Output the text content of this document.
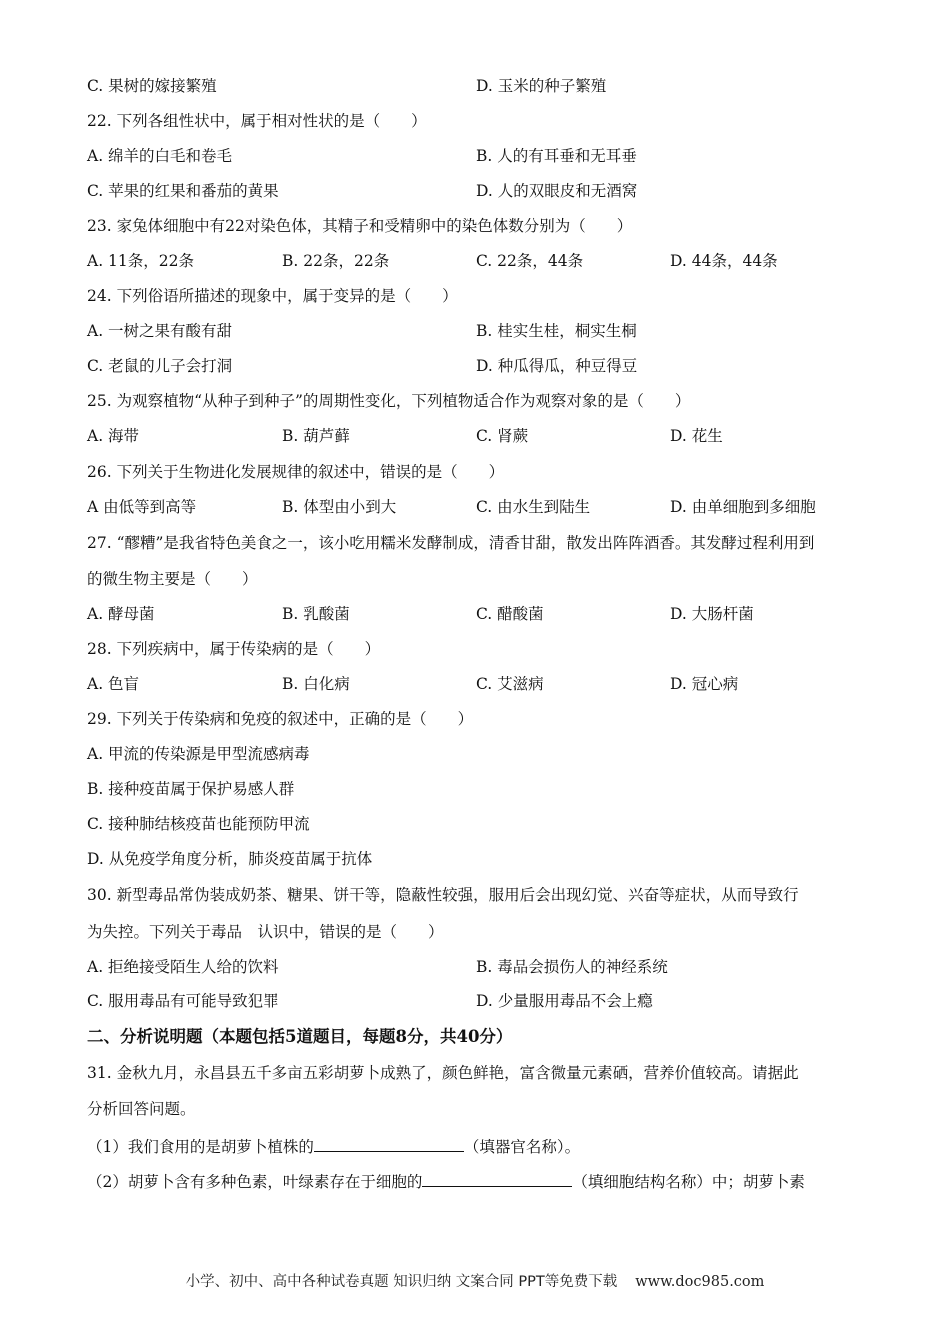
C. 果树的嫁接繁殖	D. 玉米的种子繁殖
22. 下列各组性状中，属于相对性状的是（　　）
A. 绵羊的白毛和卷毛	B. 人的有耳垂和无耳垂
C. 苹果的红果和番茄的黄果	D. 人的双眼皮和无酒窝
23. 家兔体细胞中有22对染色体，其精子和受精卵中的染色体数分别为（　　）
A. 11条，22条	B. 22条，22条	C. 22条，44条	D. 44条，44条
24. 下列俗语所描述的现象中，属于变异的是（　　）
A. 一树之果有酸有甜	B. 桂实生桂，桐实生桐
C. 老鼠的儿子会打洞	D. 种瓜得瓜，种豆得豆
25. 为观察植物“从种子到种子”的周期性变化，下列植物适合作为观察对象的是（　　）
A. 海带	B. 葫芦藓	C. 肾蕨	D. 花生
26. 下列关于生物进化发展规律的叙述中，错误的是（　　）
A 由低等到高等	B. 体型由小到大	C. 由水生到陆生	D. 由单细胞到多细胞
27. “醪糟”是我省特色美食之一，该小吃用糯米发酵制成，清香甘甜，散发出阵阵酒香。其发酵过程利用到
的微生物主要是（　　）
A. 酵母菌	B. 乳酸菌	C. 醋酸菌	D. 大肠杆菌
28. 下列疾病中，属于传染病的是（　　）
A. 色盲	B. 白化病	C. 艾滋病	D. 冠心病
29. 下列关于传染病和免疫的叙述中，正确的是（　　）
A. 甲流的传染源是甲型流感病毒
B. 接种疫苗属于保护易感人群
C. 接种肺结核疫苗也能预防甲流
D. 从免疫学角度分析，肺炎疫苗属于抗体
30. 新型毒品常伪装成奶茶、糖果、饼干等，隐蔽性较强，服用后会出现幻觉、兴奋等症状，从而导致行
为失控。下列关于毒品　认识中，错误的是（　　）
A. 拒绝接受陌生人给的饮料	B. 毒品会损伤人的神经系统
C. 服用毒品有可能导致犯罪	D. 少量服用毒品不会上瘾
二、分析说明题（本题包括5道题目，每题8分，共40分）
31. 金秋九月，永昌县五千多亩五彩胡萝卜成熟了，颜色鲜艳，富含微量元素硒，营养价值较高。请据此
分析回答问题。
（1）我们食用的是胡萝卜植株的	（填器官名称）。
（2）胡萝卜含有多种色素，叶绿素存在于细胞的	（填细胞结构名称）中；胡萝卜素
小学、初中、高中各种试卷真题 知识归纳 文案合同 PPT等免费下载 www.doc985.com
